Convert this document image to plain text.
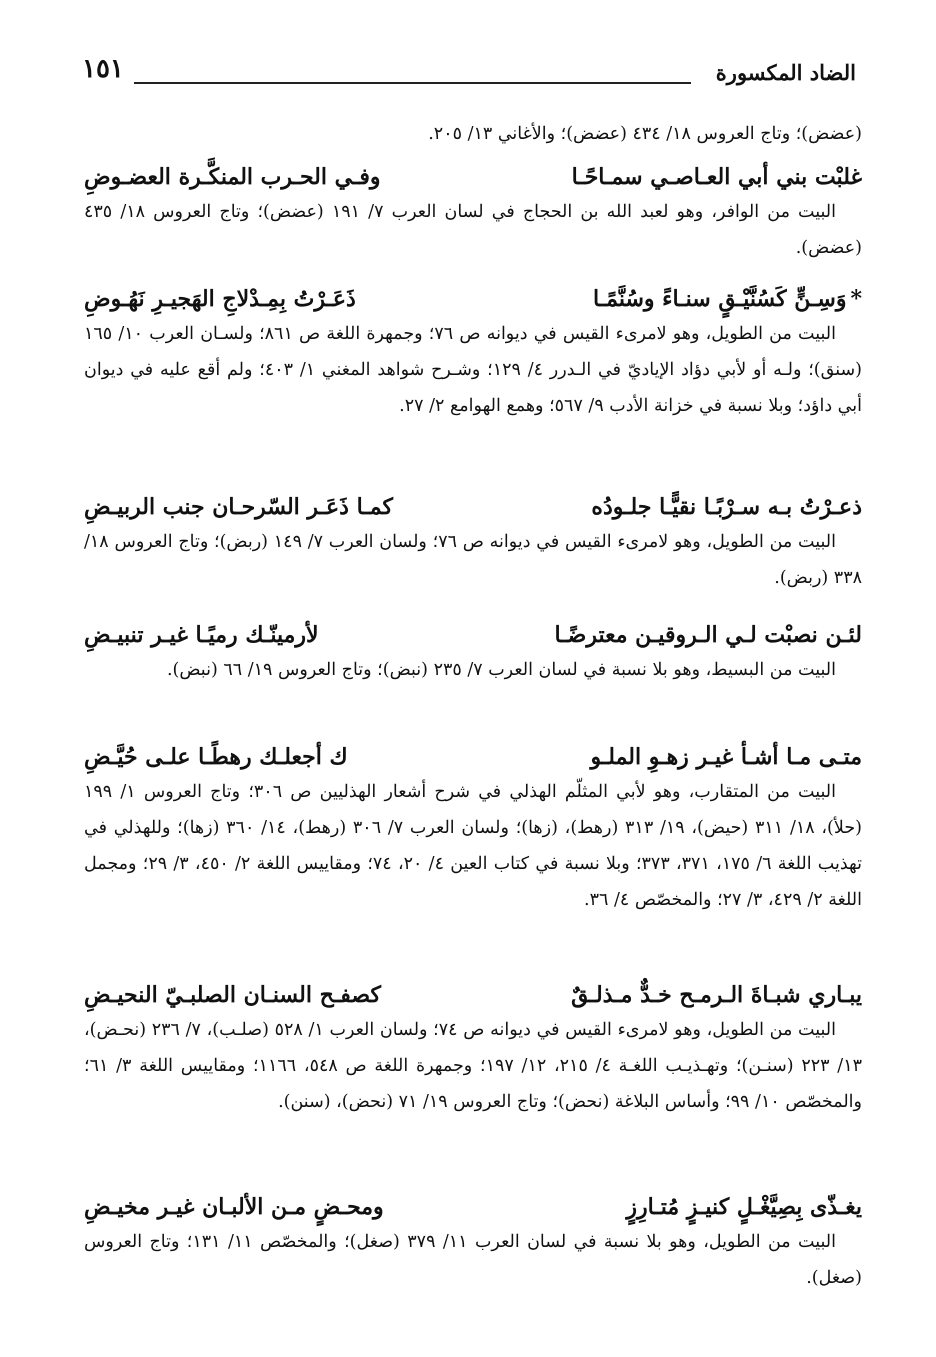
الضاد المكسورة
١٥١
(عضض)؛ وتاج العروس ١٨/ ٤٣٤ (عضض)؛ والأغاني ١٣/ ٢٠٥.
غلبْت بني أبي العـاصـي سمـاحًـا
وفـي الحـرب المنكَّـرة العضـوضِ
البيت من الوافر، وهو لعبد الله بن الحجاج في لسان العرب ٧/ ١٩١ (عضض)؛ وتاج العروس ١٨/ ٤٣٥ (عضض).
*وَسِـنٍّ كَسُنَّيْـقٍ سنـاءً وسُنَّمًـا
ذَعَـرْتُ بِمِـدْلاجِ الهَجيـرِ نَهُـوضِ
البيت من الطويل، وهو لامرىء القيس في ديوانه ص ٧٦؛ وجمهرة اللغة ص ٨٦١؛ ولسـان العرب ١٠/ ١٦٥ (سنق)؛ ولـه أو لأبي دؤاد الإياديّ في الـدرر ٤/ ١٢٩؛ وشـرح شواهد المغني ١/ ٤٠٣؛ ولم أقع عليه في ديوان أبي داؤد؛ وبلا نسبة في خزانة الأدب ٩/ ٥٦٧؛ وهمع الهوامع ٢/ ٢٧.
ذعـرْتُ بـه سـرْبًـا نقيًّـا جلـودُه
كمـا ذَعَـر السّرحـان جنب الربيـضِ
البيت من الطويل، وهو لامرىء القيس في ديوانه ص ٧٦؛ ولسان العرب ٧/ ١٤٩ (ربض)؛ وتاج العروس ١٨/ ٣٣٨ (ربض).
لئـن نصبْت لـي الـروقيـن معترضًـا
لأرمينّـك رميًـا غيـر تنبيـضِ
البيت من البسيط، وهو بلا نسبة في لسان العرب ٧/ ٢٣٥ (نبض)؛ وتاج العروس ١٩/ ٦٦ (نبض).
متـى مـا أشـأ غيـر زهـوِ الملـو
ك أجعلـك رهطًـا علـى حُيَّـضِ
البيت من المتقارب، وهو لأبي المثلّم الهذلي في شرح أشعار الهذليين ص ٣٠٦؛ وتاج العروس ١/ ١٩٩ (حلأ)، ١٨/ ٣١١ (حيض)، ١٩/ ٣١٣ (رهط)، (زها)؛ ولسان العرب ٧/ ٣٠٦ (رهط)، ١٤/ ٣٦٠ (زها)؛ وللهذلي في تهذيب اللغة ٦/ ١٧٥، ٣٧١، ٣٧٣؛ وبلا نسبة في كتاب العين ٤/ ٢٠، ٧٤؛ ومقاييس اللغة ٢/ ٤٥٠، ٣/ ٢٩؛ ومجمل اللغة ٢/ ٤٢٩، ٣/ ٢٧؛ والمخصّص ٤/ ٣٦.
يبـاري شبـاةَ الـرمـح خـدٌّ مـذلـقٌ
كصفـح السنـان الصلبـيّ النحيـضِ
البيت من الطويل، وهو لامرىء القيس في ديوانه ص ٧٤؛ ولسان العرب ١/ ٥٢٨ (صلـب)، ٧/ ٢٣٦ (نحـض)، ١٣/ ٢٢٣ (سنـن)؛ وتهـذيـب اللغـة ٤/ ٢١٥، ١٢/ ١٩٧؛ وجمهرة اللغة ص ٥٤٨، ١١٦٦؛ ومقاييس اللغة ٣/ ٦١؛ والمخصّص ١٠/ ٩٩؛ وأساس البلاغة (نحض)؛ وتاج العروس ١٩/ ٧١ (نحض)، (سنن).
يغـذّى بِصِيَّغْـلٍ كنيـزٍ مُتـارِزٍ
ومحـضٍ مـن الألبـان غيـر مخيـضِ
البيت من الطويل، وهو بلا نسبة في لسان العرب ١١/ ٣٧٩ (صغل)؛ والمخصّص ١١/ ١٣١؛ وتاج العروس (صغل).
